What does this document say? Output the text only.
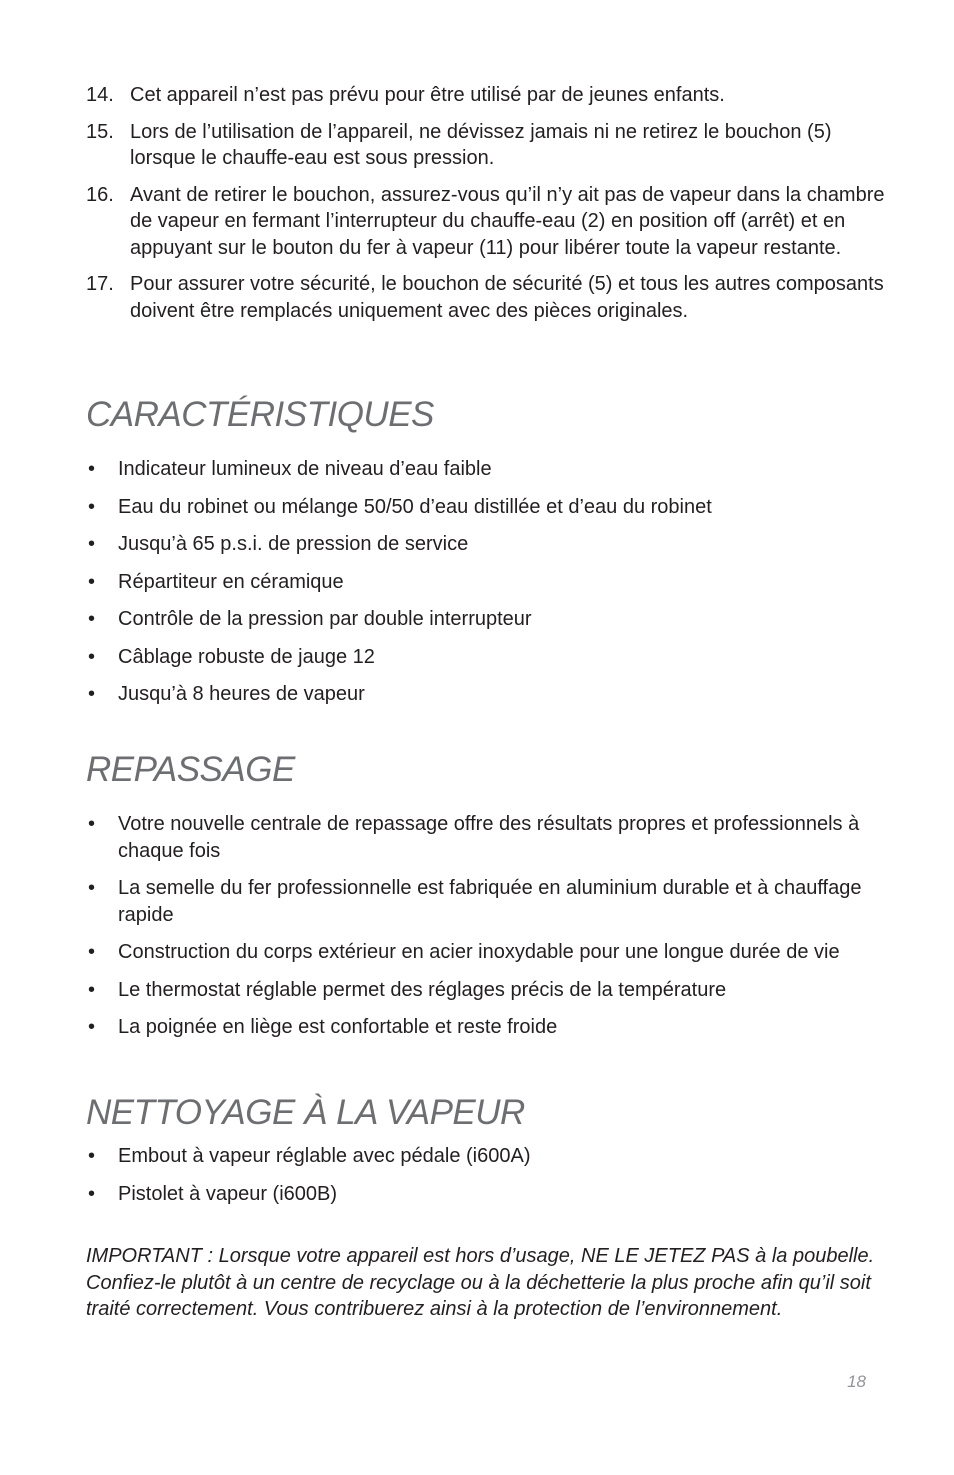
14. Cet appareil n’est pas prévu pour être utilisé par de jeunes enfants.
15. Lors de l’utilisation de l’appareil, ne dévissez jamais ni ne retirez le bouchon (5) lorsque le chauffe-eau est sous pression.
16. Avant de retirer le bouchon, assurez-vous qu’il n’y ait pas de vapeur dans la chambre de vapeur en fermant l’interrupteur du chauffe-eau (2) en position off (arrêt) et en appuyant sur le bouton du fer à vapeur (11) pour libérer toute la vapeur restante.
17. Pour assurer votre sécurité, le bouchon de sécurité (5) et tous les autres composants doivent être remplacés uniquement avec des pièces originales.
CARACTÉRISTIQUES
•	Indicateur lumineux de niveau d’eau faible
•	Eau du robinet ou mélange 50/50 d’eau distillée et d’eau du robinet
•	Jusqu’à 65 p.s.i. de pression de service
•	Répartiteur en céramique
•	Contrôle de la pression par double interrupteur
•	Câblage robuste de jauge 12
•	Jusqu’à 8 heures de vapeur
REPASSAGE
•	Votre nouvelle centrale de repassage offre des résultats propres et professionnels à chaque fois
•	La semelle du fer professionnelle est fabriquée en aluminium durable et à chauffage rapide
•	Construction du corps extérieur en acier inoxydable pour une longue durée de vie
•	Le thermostat réglable permet des réglages précis de la température
•	La poignée en liège est confortable et reste froide
NETTOYAGE À LA VAPEUR
•	Embout à vapeur réglable avec pédale (i600A)
•	Pistolet à vapeur (i600B)

IMPORTANT : Lorsque votre appareil est hors d’usage, NE LE JETEZ PAS à la poubelle. Confiez-le plutôt à un centre de recyclage ou à la déchetterie la plus proche afin qu’il soit traité correctement. Vous contribuerez ainsi à la protection de l’environnement.

18
